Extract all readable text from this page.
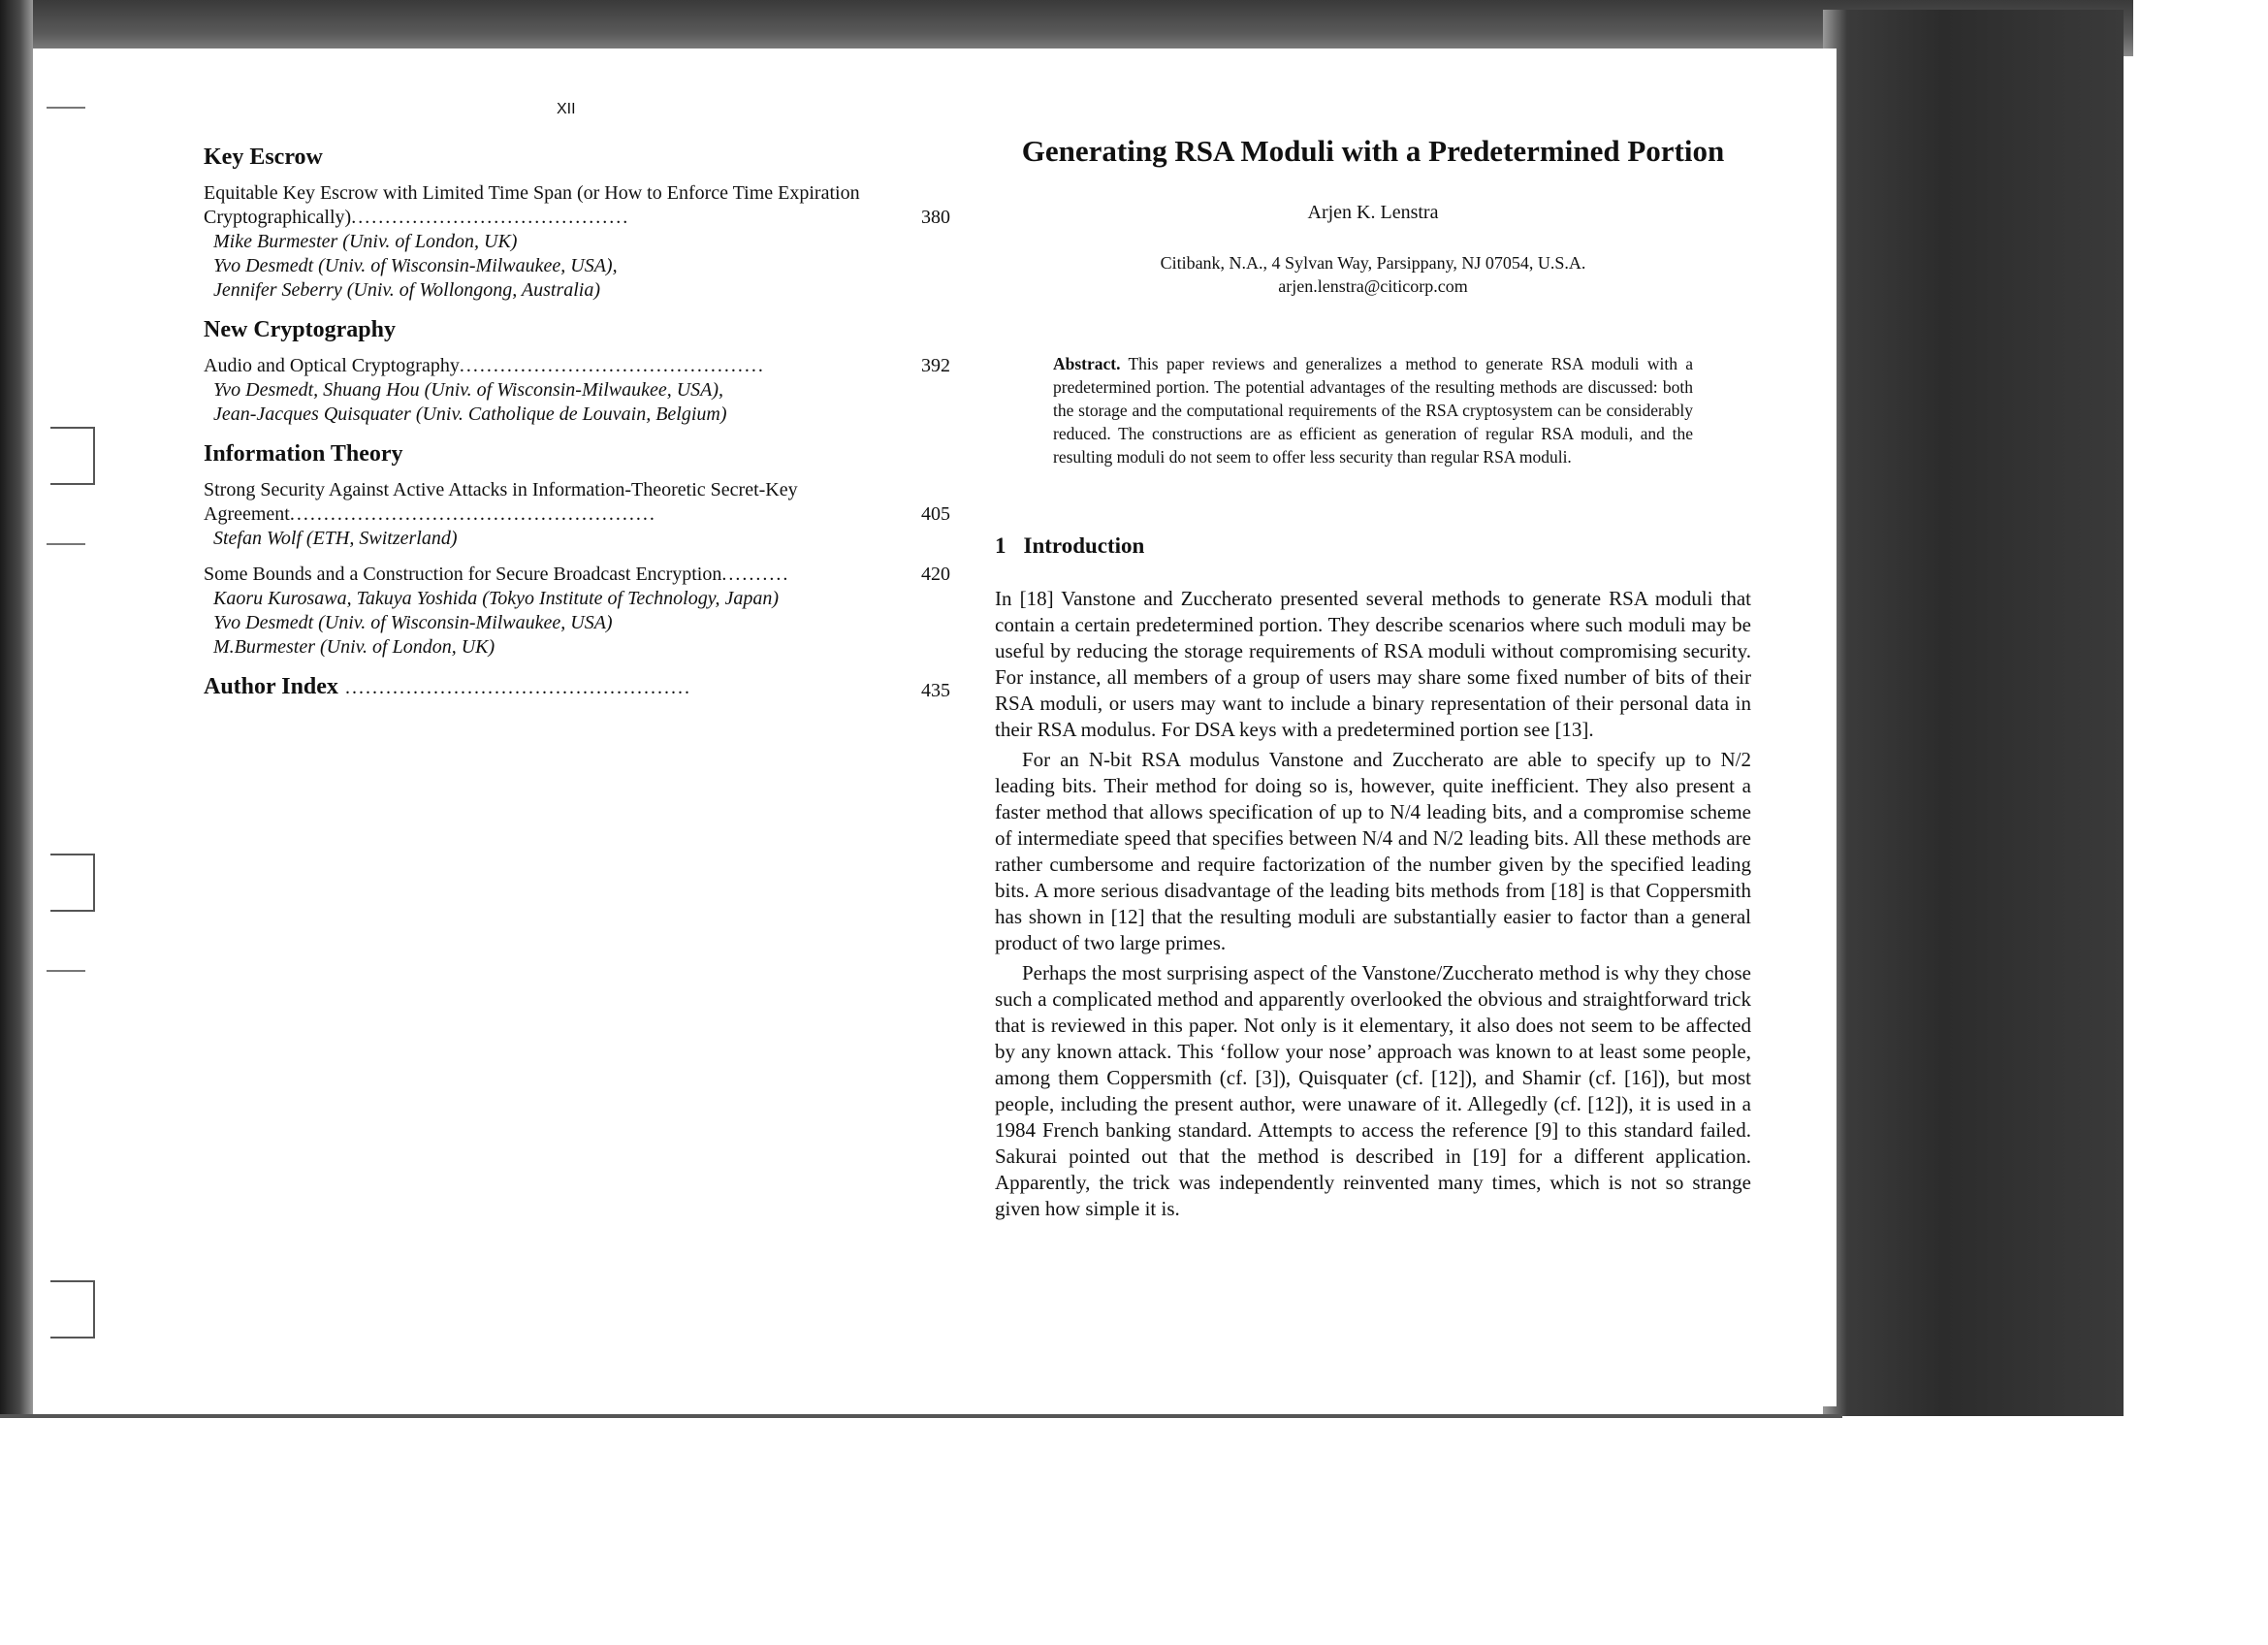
XII
Key Escrow
Equitable Key Escrow with Limited Time Span (or How to Enforce Time Expiration Cryptographically).........................................	380
Mike Burmester (Univ. of London, UK)
Yvo Desmedt (Univ. of Wisconsin-Milwaukee, USA),
Jennifer Seberry (Univ. of Wollongong, Australia)
New Cryptography
Audio and Optical Cryptography.............................................	392
Yvo Desmedt, Shuang Hou (Univ. of Wisconsin-Milwaukee, USA),
Jean-Jacques Quisquater (Univ. Catholique de Louvain, Belgium)
Information Theory
Strong Security Against Active Attacks in Information-Theoretic Secret-Key Agreement......................................................	405
Stefan Wolf (ETH, Switzerland)
Some Bounds and a Construction for Secure Broadcast Encryption..........	420
Kaoru Kurosawa, Takuya Yoshida (Tokyo Institute of Technology, Japan)
Yvo Desmedt (Univ. of Wisconsin-Milwaukee, USA)
M.Burmester (Univ. of London, UK)
Author Index ...................................................	435
Generating RSA Moduli with a Predetermined Portion
Arjen K. Lenstra
Citibank, N.A., 4 Sylvan Way, Parsippany, NJ 07054, U.S.A.
arjen.lenstra@citicorp.com
Abstract. This paper reviews and generalizes a method to generate RSA moduli with a predetermined portion. The potential advantages of the resulting methods are discussed: both the storage and the computational requirements of the RSA cryptosystem can be considerably reduced. The constructions are as efficient as generation of regular RSA moduli, and the resulting moduli do not seem to offer less security than regular RSA moduli.
1 Introduction

In [18] Vanstone and Zuccherato presented several methods to generate RSA moduli that contain a certain predetermined portion. They describe scenarios where such moduli may be useful by reducing the storage requirements of RSA moduli without compromising security. For instance, all members of a group of users may share some fixed number of bits of their RSA moduli, or users may want to include a binary representation of their personal data in their RSA modulus. For DSA keys with a predetermined portion see [13].

For an N-bit RSA modulus Vanstone and Zuccherato are able to specify up to N/2 leading bits. Their method for doing so is, however, quite inefficient. They also present a faster method that allows specification of up to N/4 leading bits, and a compromise scheme of intermediate speed that specifies between N/4 and N/2 leading bits. All these methods are rather cumbersome and require factorization of the number given by the specified leading bits. A more serious disadvantage of the leading bits methods from [18] is that Coppersmith has shown in [12] that the resulting moduli are substantially easier to factor than a general product of two large primes.

Perhaps the most surprising aspect of the Vanstone/Zuccherato method is why they chose such a complicated method and apparently overlooked the obvious and straightforward trick that is reviewed in this paper. Not only is it elementary, it also does not seem to be affected by any known attack. This ‘follow your nose’ approach was known to at least some people, among them Coppersmith (cf. [3]), Quisquater (cf. [12]), and Shamir (cf. [16]), but most people, including the present author, were unaware of it. Allegedly (cf. [12]), it is used in a 1984 French banking standard. Attempts to access the reference [9] to this standard failed. Sakurai pointed out that the method is described in [19] for a different application. Apparently, the trick was independently reinvented many times, which is not so strange given how simple it is.
